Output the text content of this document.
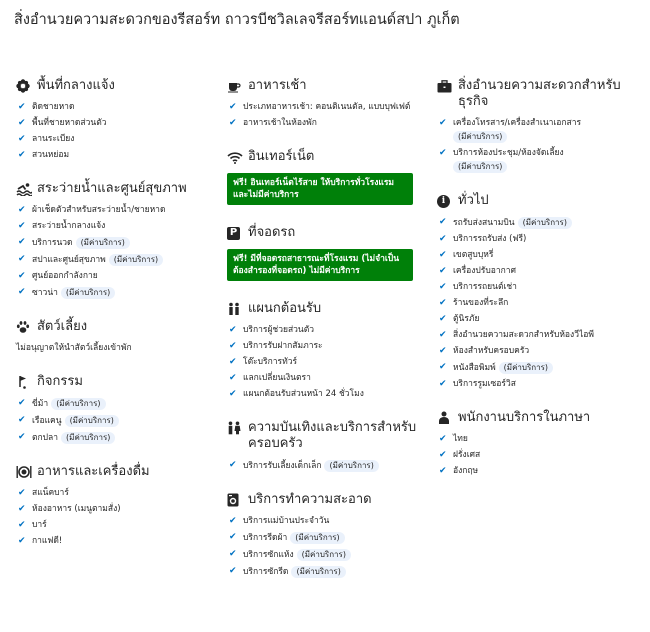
สิ่งอำนวยความสะดวกของรีสอร์ท ถาวรบีชวิลเลจรีสอร์ทแอนด์สปา ภูเก็ต
พื้นที่กลางแจ้ง
✔ ติดชายหาด
✔ พื้นที่ชายหาดส่วนตัว
✔ ลานระเบียง
✔ สวนหย่อม
สระว่ายน้ำและศูนย์สุขภาพ
✔ ผ้าเช็ดตัวสำหรับสระว่ายน้ำ/ชายหาด
✔ สระว่ายน้ำกลางแจ้ง
✔ บริการนวด (มีค่าบริการ)
✔ สปาและศูนย์สุขภาพ (มีค่าบริการ)
✔ ศูนย์ออกกำลังกาย
✔ ซาวน่า (มีค่าบริการ)
สัตว์เลี้ยง
ไม่อนุญาตให้นำสัตว์เลี้ยงเข้าพัก
กิจกรรม
✔ ขี่ม้า (มีค่าบริการ)
✔ เรือแคนู (มีค่าบริการ)
✔ ตกปลา (มีค่าบริการ)
อาหารและเครื่องดื่ม
✔ สแน็คบาร์
✔ ห้องอาหาร (เมนูตามสั่ง)
✔ บาร์
✔ กาแฟดี!
อาหารเช้า
✔ ประเภทอาหารเช้า: คอนติเนนตัล, แบบบุฟเฟต์
✔ อาหารเช้าในห้องพัก
อินเทอร์เน็ต
ฟรี! อินเทอร์เน็ตไร้สาย ให้บริการทั่วโรงแรม และไม่มีค่าบริการ
P ที่จอดรถ
ฟรี! มีที่จอดรถสาธารณะที่โรงแรม (ไม่จำเป็นต้องสำรองที่จอดรถ) ไม่มีค่าบริการ
แผนกต้อนรับ
✔ บริการผู้ช่วยส่วนตัว
✔ บริการรับฝากสัมภาระ
✔ โต๊ะบริการทัวร์
✔ แลกเปลี่ยนเงินตรา
✔ แผนกต้อนรับส่วนหน้า 24 ชั่วโมง
ความบันเทิงและบริการสำหรับครอบครัว
✔ บริการรับเลี้ยงเด็กเล็ก (มีค่าบริการ)
บริการทำความสะอาด
✔ บริการแม่บ้านประจำวัน
✔ บริการรีดผ้า (มีค่าบริการ)
✔ บริการซักแห้ง (มีค่าบริการ)
✔ บริการซักรีด (มีค่าบริการ)
สิ่งอำนวยความสะดวกสำหรับธุรกิจ
✔ เครื่องโทรสาร/เครื่องสำเนาเอกสาร
(มีค่าบริการ)
✔ บริการห้องประชุม/ห้องจัดเลี้ยง
(มีค่าบริการ)
i ทั่วไป
✔ รถรับส่งสนามบิน (มีค่าบริการ)
✔ บริการรถรับส่ง (ฟรี)
✔ เขตสูบบุหรี่
✔ เครื่องปรับอากาศ
✔ บริการรถยนต์เช่า
✔ ร้านของที่ระลึก
✔ ตู้นิรภัย
✔ สิ่งอำนวยความสะดวกสำหรับห้องวีไอพี
✔ ห้องสำหรับครอบครัว
✔ หนังสือพิมพ์ (มีค่าบริการ)
✔ บริการรูมเซอร์วิส
พนักงานบริการในภาษา
✔ ไทย
✔ ฝรั่งเศส
✔ อังกฤษ
